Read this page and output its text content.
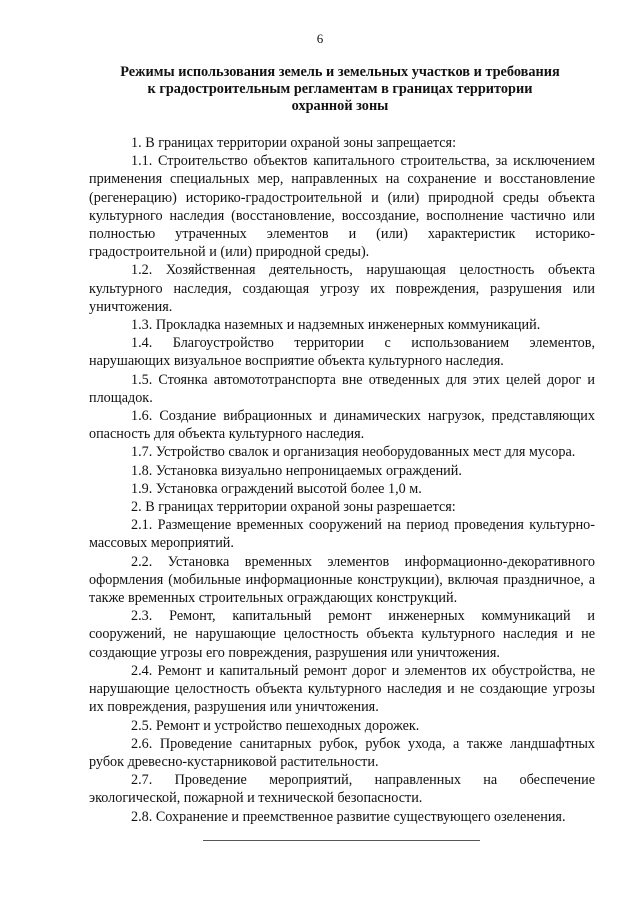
6
Режимы использования земель и земельных участков и требования
к градостроительным регламентам в границах территории
охранной зоны

1. В границах территории охраной зоны запрещается:

1.1. Строительство объектов капитального строительства, за исключением применения специальных мер, направленных на сохранение и восстановление (регенерацию) историко-градостроительной и (или) природной среды объекта культурного наследия (восстановление, воссоздание, восполнение частично или полностью утраченных элементов и (или) характеристик историко-градостроительной и (или) природной среды).

1.2. Хозяйственная деятельность, нарушающая целостность объекта культурного наследия, создающая угрозу их повреждения, разрушения или уничтожения.

1.3. Прокладка наземных и надземных инженерных коммуникаций.

1.4. Благоустройство территории с использованием элементов, нарушающих визуальное восприятие объекта культурного наследия.

1.5. Стоянка автомототранспорта вне отведенных для этих целей дорог и площадок.

1.6. Создание вибрационных и динамических нагрузок, представляющих опасность для объекта культурного наследия.

1.7. Устройство свалок и организация необорудованных мест для мусора.

1.8. Установка визуально непроницаемых ограждений.

1.9. Установка ограждений высотой более 1,0 м.

2. В границах территории охраной зоны разрешается:

2.1. Размещение временных сооружений на период проведения культурно-массовых мероприятий.

2.2. Установка временных элементов информационно-декоративного оформления (мобильные информационные конструкции), включая праздничное, а также временных строительных ограждающих конструкций.

2.3. Ремонт, капитальный ремонт инженерных коммуникаций и сооружений, не нарушающие целостность объекта культурного наследия и не создающие угрозы его повреждения, разрушения или уничтожения.

2.4. Ремонт и капитальный ремонт дорог и элементов их обустройства, не нарушающие целостность объекта культурного наследия и не создающие угрозы их повреждения, разрушения или уничтожения.

2.5. Ремонт и устройство пешеходных дорожек.

2.6. Проведение санитарных рубок, рубок ухода, а также ландшафтных рубок древесно-кустарниковой растительности.

2.7. Проведение мероприятий, направленных на обеспечение экологической, пожарной и технической безопасности.

2.8. Сохранение и преемственное развитие существующего озеленения.
